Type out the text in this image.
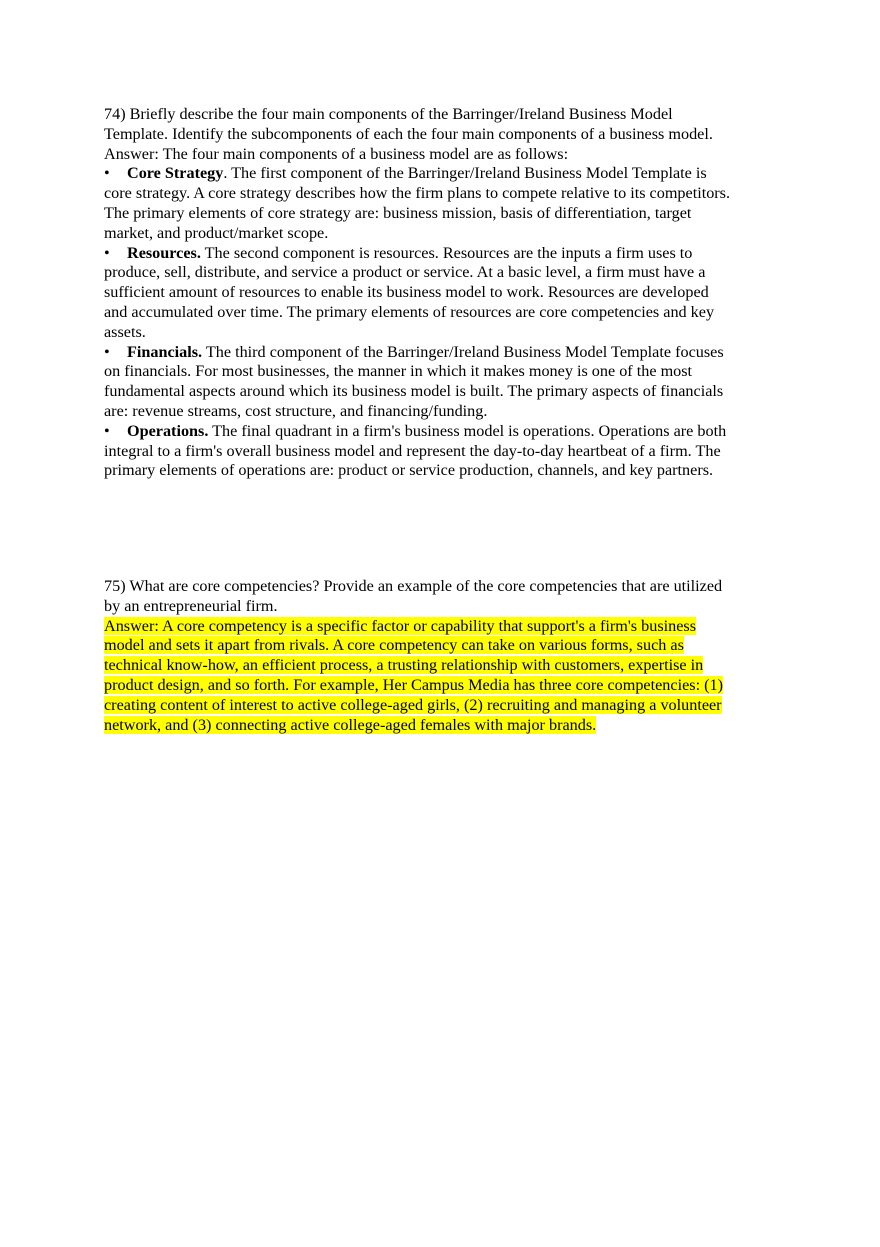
74) Briefly describe the four main components of the Barringer/Ireland Business Model
Template. Identify the subcomponents of each the four main components of a business model.
Answer: The four main components of a business model are as follows:
• Core Strategy. The first component of the Barringer/Ireland Business Model Template is
core strategy. A core strategy describes how the firm plans to compete relative to its competitors.
The primary elements of core strategy are: business mission, basis of differentiation, target
market, and product/market scope.
• Resources. The second component is resources. Resources are the inputs a firm uses to
produce, sell, distribute, and service a product or service. At a basic level, a firm must have a
sufficient amount of resources to enable its business model to work. Resources are developed
and accumulated over time. The primary elements of resources are core competencies and key
assets.
• Financials. The third component of the Barringer/Ireland Business Model Template focuses
on financials. For most businesses, the manner in which it makes money is one of the most
fundamental aspects around which its business model is built. The primary aspects of financials
are: revenue streams, cost structure, and financing/funding.
• Operations. The final quadrant in a firm's business model is operations. Operations are both
integral to a firm's overall business model and represent the day-to-day heartbeat of a firm. The
primary elements of operations are: product or service production, channels, and key partners.
75) What are core competencies? Provide an example of the core competencies that are utilized
by an entrepreneurial firm.
Answer: A core competency is a specific factor or capability that support's a firm's business
model and sets it apart from rivals. A core competency can take on various forms, such as
technical know-how, an efficient process, a trusting relationship with customers, expertise in
product design, and so forth. For example, Her Campus Media has three core competencies: (1)
creating content of interest to active college-aged girls, (2) recruiting and managing a volunteer
network, and (3) connecting active college-aged females with major brands.
